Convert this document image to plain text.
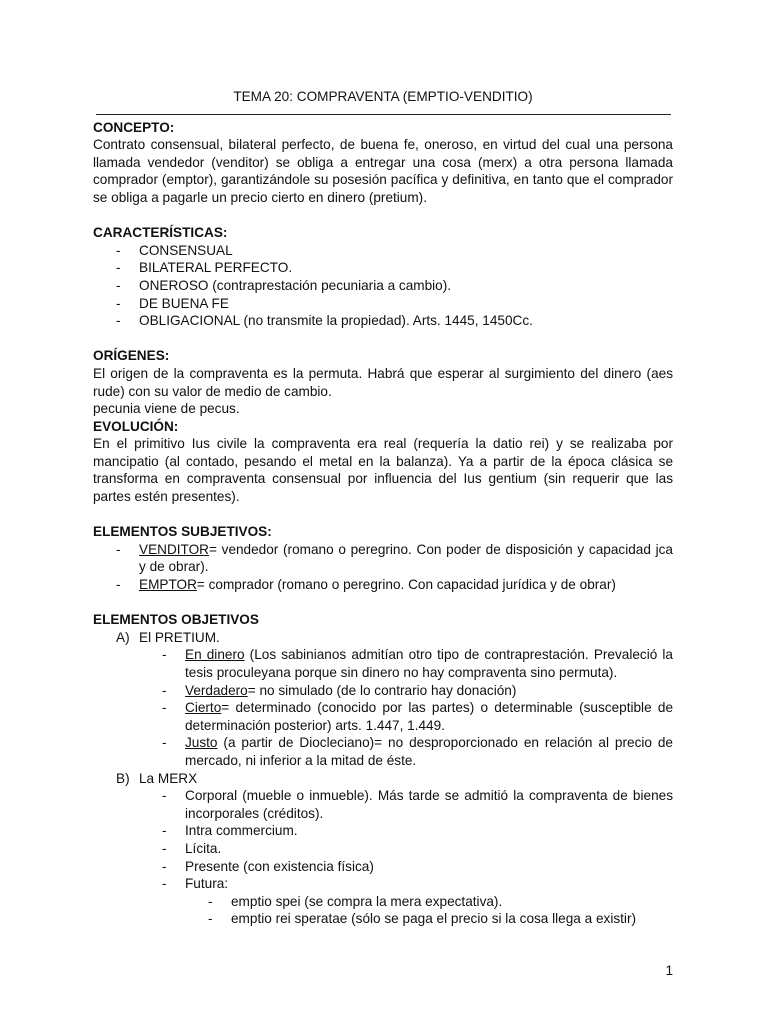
TEMA 20: COMPRAVENTA (EMPTIO-VENDITIO)

CONCEPTO:

Contrato consensual, bilateral perfecto, de buena fe, oneroso, en virtud del cual una persona llamada vendedor (venditor) se obliga a entregar una cosa (merx) a otra persona llamada comprador (emptor), garantizándole su posesión pacífica y definitiva, en tanto que el comprador se obliga a pagarle un precio cierto en dinero (pretium).

CARACTERÍSTICAS:
- CONSENSUAL
- BILATERAL PERFECTO.
- ONEROSO (contraprestación pecuniaria a cambio).
- DE BUENA FE
- OBLIGACIONAL (no transmite la propiedad). Arts. 1445, 1450Cc.
ORÍGENES:

El origen de la compraventa es la permuta. Habrá que esperar al surgimiento del dinero (aes rude) con su valor de medio de cambio.

pecunia viene de pecus.

EVOLUCIÓN:

En el primitivo Ius civile la compraventa era real (requería la datio rei) y se realizaba por mancipatio (al contado, pesando el metal en la balanza). Ya a partir de la época clásica se transforma en compraventa consensual por influencia del Ius gentium (sin requerir que las partes estén presentes).

ELEMENTOS SUBJETIVOS:
- VENDITOR= vendedor (romano o peregrino. Con poder de disposición y capacidad jca y de obrar).
- EMPTOR= comprador (romano o peregrino. Con capacidad jurídica y de obrar)
ELEMENTOS OBJETIVOS
A) El PRETIUM.
- En dinero (Los sabinianos admitían otro tipo de contraprestación. Prevaleció la tesis proculeyana porque sin dinero no hay compraventa sino permuta).
- Verdadero= no simulado (de lo contrario hay donación)
- Cierto= determinado (conocido por las partes) o determinable (susceptible de determinación posterior) arts. 1.447, 1.449.
- Justo (a partir de Diocleciano)= no desproporcionado en relación al precio de mercado, ni inferior a la mitad de éste.
B) La MERX
- Corporal (mueble o inmueble). Más tarde se admitió la compraventa de bienes incorporales (créditos).
- Intra commercium.
- Lícita.
- Presente (con existencia física)
- Futura:
- emptio spei (se compra la mera expectativa).
- emptio rei speratae (sólo se paga el precio si la cosa llega a existir)
1
